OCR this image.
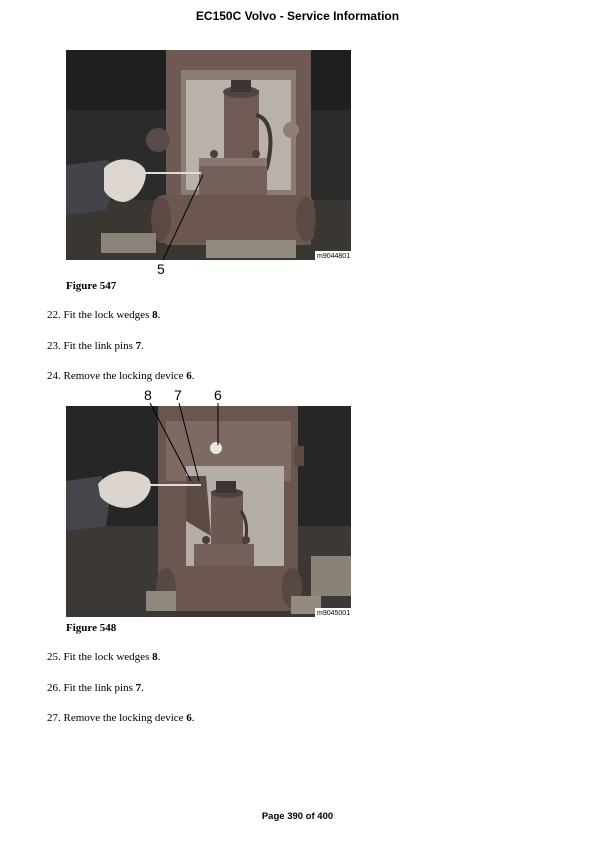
EC150C Volvo - Service Information
m9044801
5
Figure 547
22. Fit the lock wedges 8.
23. Fit the link pins 7.
24. Remove the locking device 6.
8 7 6
m9045001
Figure 548
25. Fit the lock wedges 8.
26. Fit the link pins 7.
27. Remove the locking device 6.
Page 390 of 400
